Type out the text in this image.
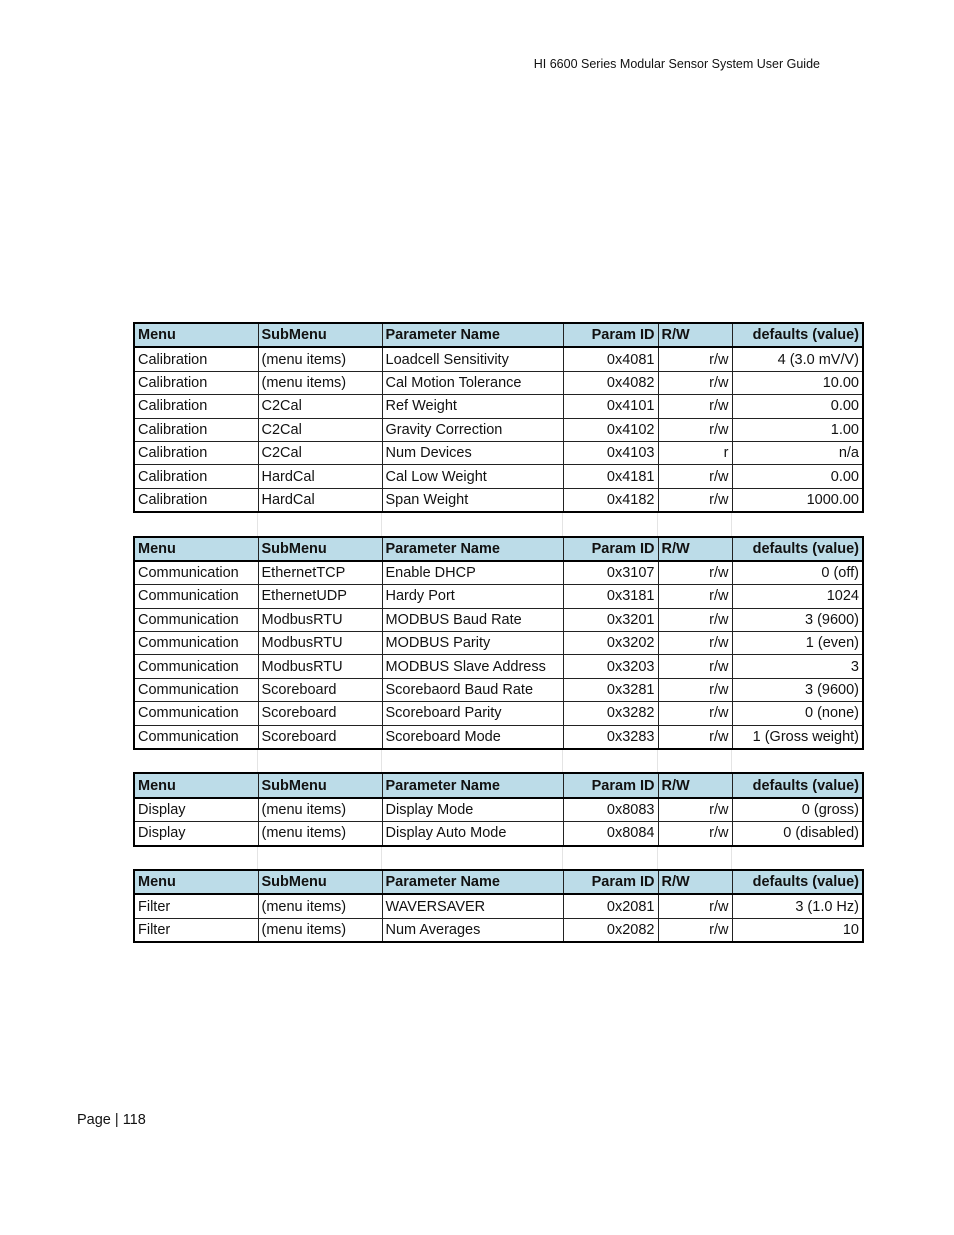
HI 6600 Series Modular Sensor System User Guide
Menu	SubMenu	Parameter Name	Param ID	R/W	defaults (value)
Calibration	(menu items)	Loadcell Sensitivity	0x4081	r/w	4 (3.0 mV/V)
Calibration	(menu items)	Cal Motion Tolerance	0x4082	r/w	10.00
Calibration	C2Cal	Ref Weight	0x4101	r/w	0.00
Calibration	C2Cal	Gravity Correction	0x4102	r/w	1.00
Calibration	C2Cal	Num Devices	0x4103	r	n/a
Calibration	HardCal	Cal Low Weight	0x4181	r/w	0.00
Calibration	HardCal	Span Weight	0x4182	r/w	1000.00
Menu	SubMenu	Parameter Name	Param ID	R/W	defaults (value)
Communication	EthernetTCP	Enable DHCP	0x3107	r/w	0 (off)
Communication	EthernetUDP	Hardy Port	0x3181	r/w	1024
Communication	ModbusRTU	MODBUS Baud Rate	0x3201	r/w	3 (9600)
Communication	ModbusRTU	MODBUS Parity	0x3202	r/w	1 (even)
Communication	ModbusRTU	MODBUS Slave Address	0x3203	r/w	3
Communication	Scoreboard	Scorebaord Baud Rate	0x3281	r/w	3 (9600)
Communication	Scoreboard	Scoreboard Parity	0x3282	r/w	0 (none)
Communication	Scoreboard	Scoreboard Mode	0x3283	r/w	1 (Gross weight)
Menu	SubMenu	Parameter Name	Param ID	R/W	defaults (value)
Display	(menu items)	Display Mode	0x8083	r/w	0 (gross)
Display	(menu items)	Display Auto Mode	0x8084	r/w	0 (disabled)
Menu	SubMenu	Parameter Name	Param ID	R/W	defaults (value)
Filter	(menu items)	WAVERSAVER	0x2081	r/w	3 (1.0 Hz)
Filter	(menu items)	Num Averages	0x2082	r/w	10
Page | 118
